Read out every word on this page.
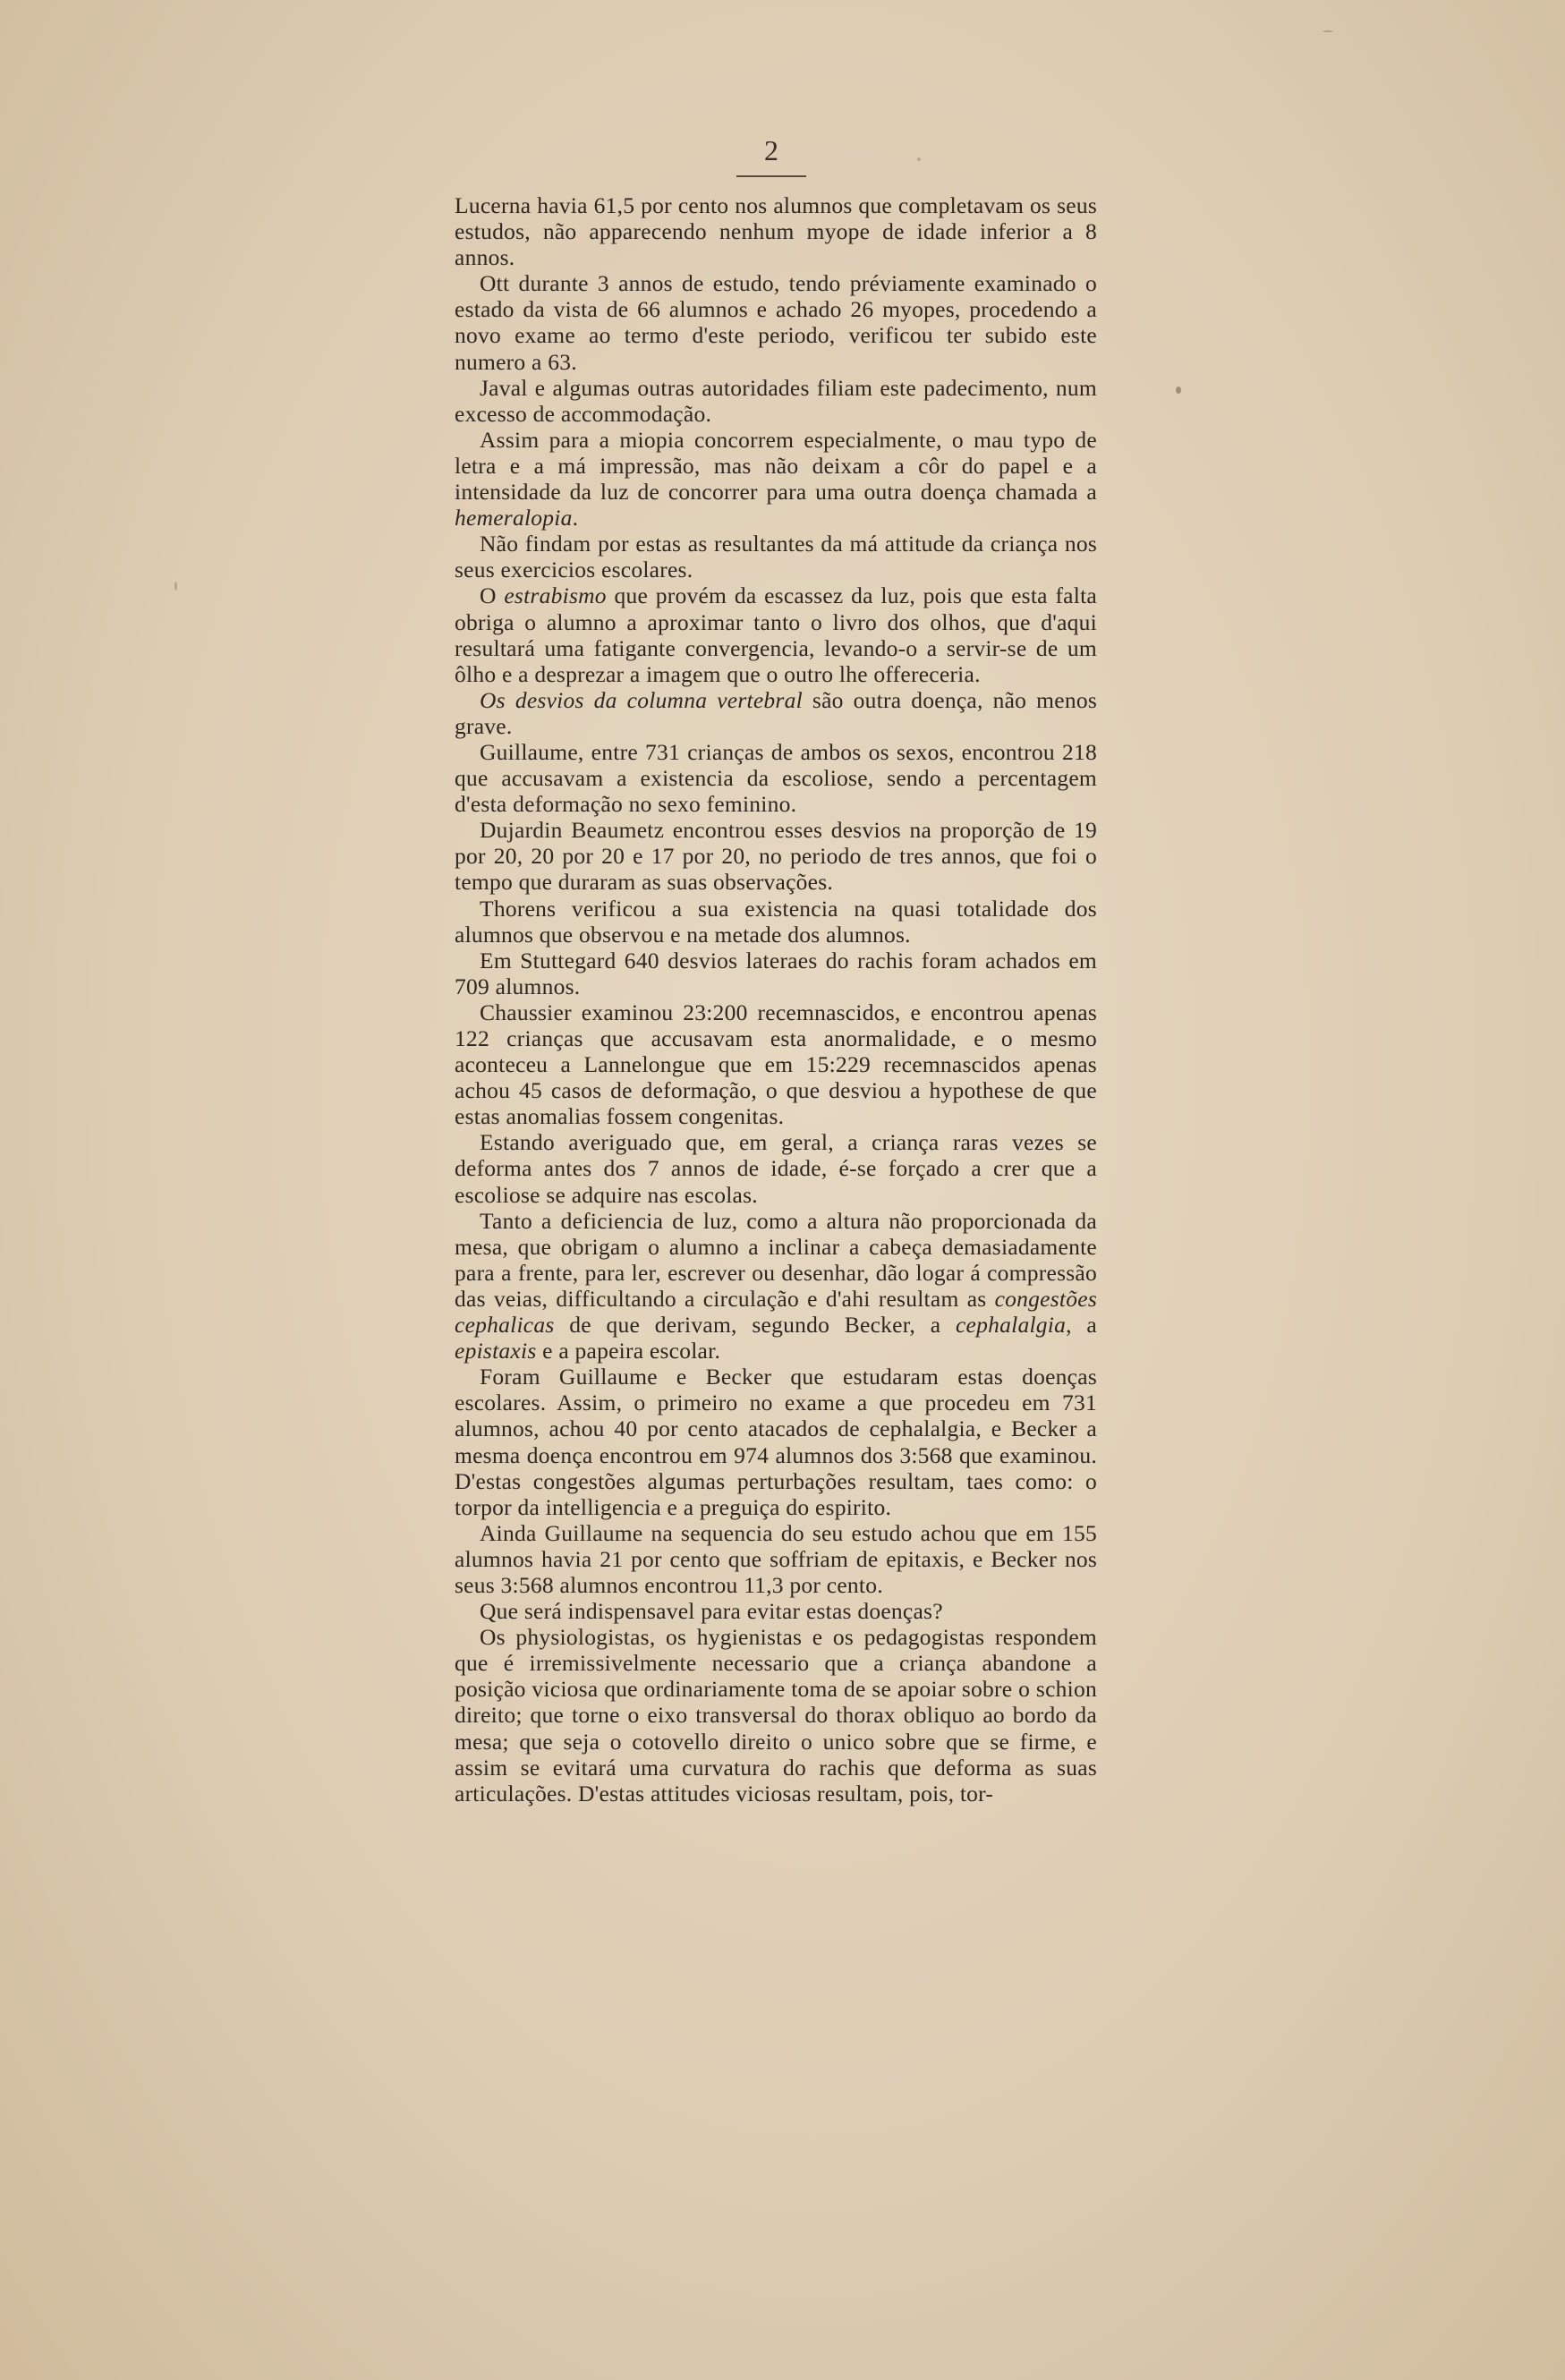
2

Lucerna havia 61,5 por cento nos alumnos que completavam os seus estudos, não apparecendo nenhum myope de idade inferior a 8 annos.

Ott durante 3 annos de estudo, tendo préviamente examinado o estado da vista de 66 alumnos e achado 26 myopes, procedendo a novo exame ao termo d'este periodo, verificou ter subido este numero a 63.

Javal e algumas outras autoridades filiam este padecimento, num excesso de accommodação.

Assim para a miopia concorrem especialmente, o mau typo de letra e a má impressão, mas não deixam a côr do papel e a intensidade da luz de concorrer para uma outra doença chamada a hemeralopia.

Não findam por estas as resultantes da má attitude da criança nos seus exercicios escolares.

O estrabismo que provém da escassez da luz, pois que esta falta obriga o alumno a aproximar tanto o livro dos olhos, que d'aqui resultará uma fatigante convergencia, levando-o a servir-se de um ôlho e a desprezar a imagem que o outro lhe offereceria.

Os desvios da columna vertebral são outra doença, não menos grave.

Guillaume, entre 731 crianças de ambos os sexos, encontrou 218 que accusavam a existencia da escoliose, sendo a percentagem d'esta deformação no sexo feminino.

Dujardin Beaumetz encontrou esses desvios na proporção de 19 por 20, 20 por 20 e 17 por 20, no periodo de tres annos, que foi o tempo que duraram as suas observações.

Thorens verificou a sua existencia na quasi totalidade dos alumnos que observou e na metade dos alumnos.

Em Stuttegard 640 desvios lateraes do rachis foram achados em 709 alumnos.

Chaussier examinou 23:200 recemnascidos, e encontrou apenas 122 crianças que accusavam esta anormalidade, e o mesmo aconteceu a Lannelongue que em 15:229 recemnascidos apenas achou 45 casos de deformação, o que desviou a hypothese de que estas anomalias fossem congenitas.

Estando averiguado que, em geral, a criança raras vezes se deforma antes dos 7 annos de idade, é-se forçado a crer que a escoliose se adquire nas escolas.

Tanto a deficiencia de luz, como a altura não proporcionada da mesa, que obrigam o alumno a inclinar a cabeça demasiadamente para a frente, para ler, escrever ou desenhar, dão logar á compressão das veias, difficultando a circulação e d'ahi resultam as congestões cephalicas de que derivam, segundo Becker, a cephalalgia, a epistaxis e a papeira escolar.

Foram Guillaume e Becker que estudaram estas doenças escolares. Assim, o primeiro no exame a que procedeu em 731 alumnos, achou 40 por cento atacados de cephalalgia, e Becker a mesma doença encontrou em 974 alumnos dos 3:568 que examinou. D'estas congestões algumas perturbações resultam, taes como: o torpor da intelligencia e a preguiça do espirito.

Ainda Guillaume na sequencia do seu estudo achou que em 155 alumnos havia 21 por cento que soffriam de epitaxis, e Becker nos seus 3:568 alumnos encontrou 11,3 por cento.

Que será indispensavel para evitar estas doenças?

Os physiologistas, os hygienistas e os pedagogistas respondem que é irremissivelmente necessario que a criança abandone a posição viciosa que ordinariamente toma de se apoiar sobre o schion direito; que torne o eixo transversal do thorax obliquo ao bordo da mesa; que seja o cotovello direito o unico sobre que se firme, e assim se evitará uma curvatura do rachis que deforma as suas articulações. D'estas attitudes viciosas resultam, pois, tor-
